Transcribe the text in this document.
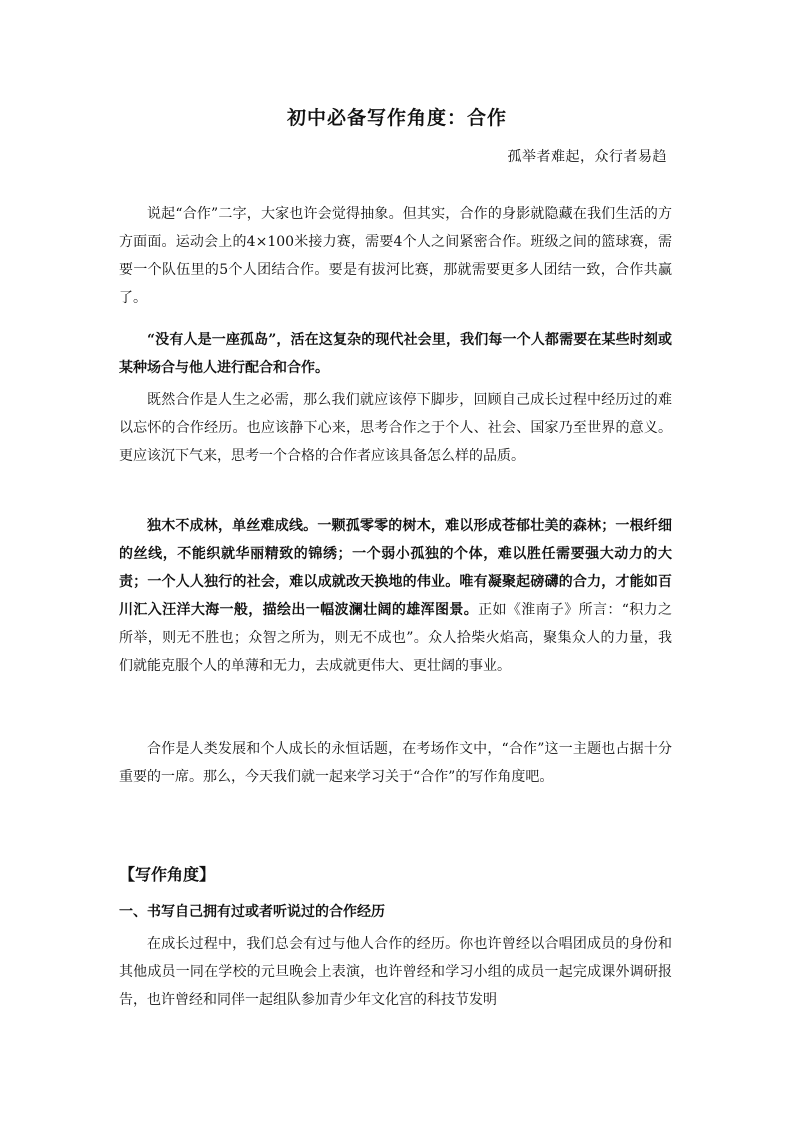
初中必备写作角度：合作
孤举者难起，众行者易趋

说起“合作”二字，大家也许会觉得抽象。但其实，合作的身影就隐藏在我们生活的方方面面。运动会上的4×100米接力赛，需要4个人之间紧密合作。班级之间的篮球赛，需要一个队伍里的5个人团结合作。要是有拔河比赛，那就需要更多人团结一致，合作共赢了。

“没有人是一座孤岛”，活在这复杂的现代社会里，我们每一个人都需要在某些时刻或某种场合与他人进行配合和合作。

既然合作是人生之必需，那么我们就应该停下脚步，回顾自己成长过程中经历过的难以忘怀的合作经历。也应该静下心来，思考合作之于个人、社会、国家乃至世界的意义。更应该沉下气来，思考一个合格的合作者应该具备怎么样的品质。

独木不成林，单丝难成线。一颗孤零零的树木，难以形成苍郁壮美的森林；一根纤细的丝线，不能织就华丽精致的锦绣；一个弱小孤独的个体，难以胜任需要强大动力的大责；一个人人独行的社会，难以成就改天换地的伟业。唯有凝聚起磅礴的合力，才能如百川汇入汪洋大海一般，描绘出一幅波澜壮阔的雄浑图景。正如《淮南子》所言：“积力之所举，则无不胜也；众智之所为，则无不成也”。众人拾柴火焰高，聚集众人的力量，我们就能克服个人的单薄和无力，去成就更伟大、更壮阔的事业。

合作是人类发展和个人成长的永恒话题，在考场作文中，“合作”这一主题也占据十分重要的一席。那么，今天我们就一起来学习关于“合作”的写作角度吧。

【写作角度】
一、书写自己拥有过或者听说过的合作经历

在成长过程中，我们总会有过与他人合作的经历。你也许曾经以合唱团成员的身份和其他成员一同在学校的元旦晚会上表演，也许曾经和学习小组的成员一起完成课外调研报告，也许曾经和同伴一起组队参加青少年文化宫的科技节发明
